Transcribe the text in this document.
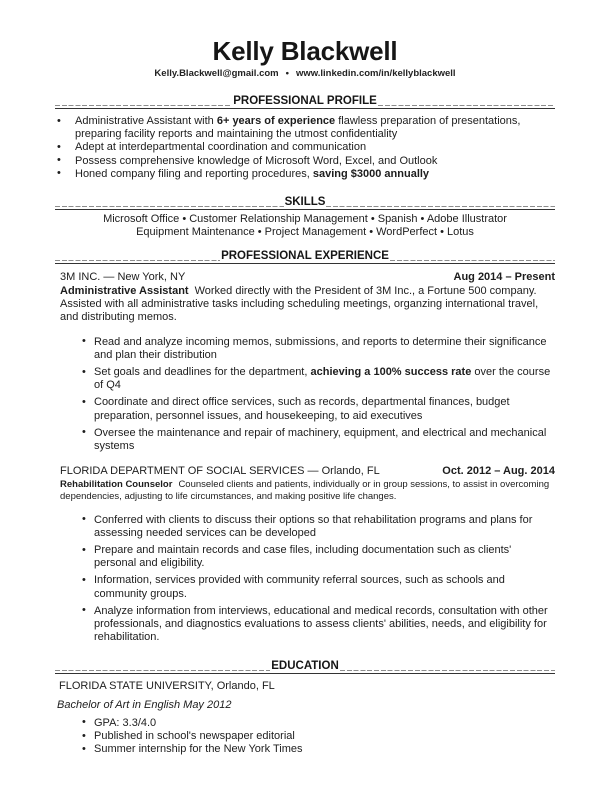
Kelly Blackwell
Kelly.Blackwell@gmail.com • www.linkedin.com/in/kellyblackwell
PROFESSIONAL PROFILE
• Administrative Assistant with 6+ years of experience flawless preparation of presentations, preparing facility reports and maintaining the utmost confidentiality
• Adept at interdepartmental coordination and communication
• Possess comprehensive knowledge of Microsoft Word, Excel, and Outlook
• Honed company filing and reporting procedures, saving $3000 annually
SKILLS
Microsoft Office • Customer Relationship Management • Spanish • Adobe Illustrator
Equipment Maintenance • Project Management • WordPerfect • Lotus
PROFESSIONAL EXPERIENCE
3M INC. — New York, NY	Aug 2014 – Present

Administrative Assistant Worked directly with the President of 3M Inc., a Fortune 500 company. Assisted with all administrative tasks including scheduling meetings, organzing international travel, and distributing memos.

• Read and analyze incoming memos, submissions, and reports to determine their significance and plan their distribution
• Set goals and deadlines for the department, achieving a 100% success rate over the course of Q4
• Coordinate and direct office services, such as records, departmental finances, budget preparation, personnel issues, and housekeeping, to aid executives
• Oversee the maintenance and repair of machinery, equipment, and electrical and mechanical systems
FLORIDA DEPARTMENT OF SOCIAL SERVICES — Orlando, FL	Oct. 2012 – Aug. 2014

Rehabilitation Counselor Counseled clients and patients, individually or in group sessions, to assist in overcoming dependencies, adjusting to life circumstances, and making positive life changes.

• Conferred with clients to discuss their options so that rehabilitation programs and plans for assessing needed services can be developed
• Prepare and maintain records and case files, including documentation such as clients' personal and eligibility.
• Information, services provided with community referral sources, such as schools and community groups.
• Analyze information from interviews, educational and medical records, consultation with other professionals, and diagnostics evaluations to assess clients' abilities, needs, and eligibility for rehabilitation.
EDUCATION
FLORIDA STATE UNIVERSITY, Orlando, FL
Bachelor of Art in English May 2012
• GPA: 3.3/4.0
• Published in school's newspaper editorial
• Summer internship for the New York Times
